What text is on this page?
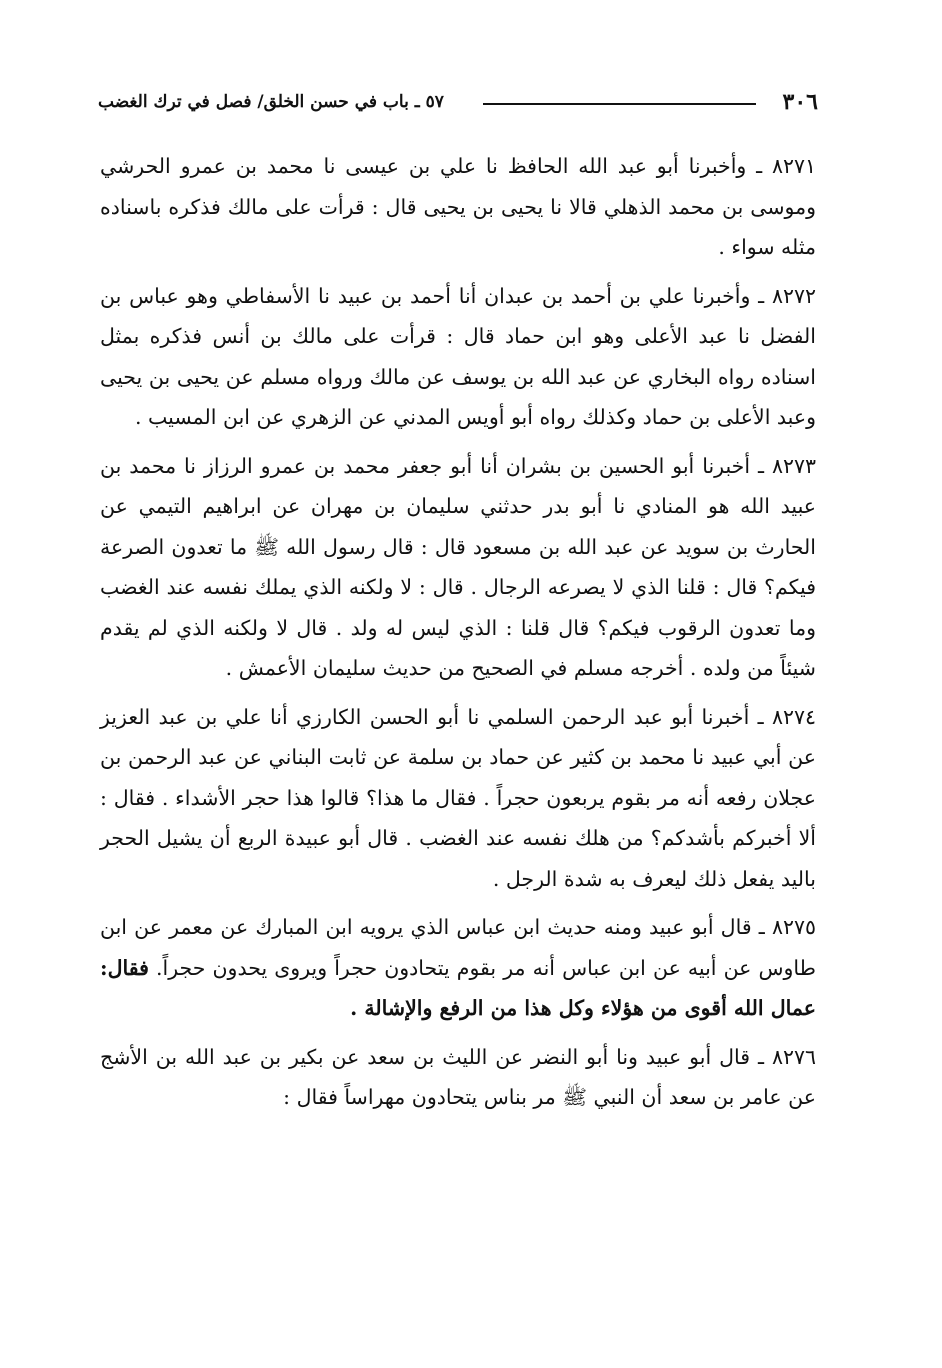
٣٠٦
٥٧ ـ باب في حسن الخلق/ فصل في ترك الغضب

٨٢٧١ ـ وأخبرنا أبو عبد الله الحافظ نا علي بن عيسى نا محمد بن عمرو الحرشي وموسى بن محمد الذهلي قالا نا يحيى بن يحيى قال : قرأت على مالك فذكره باسناده مثله سواء .

٨٢٧٢ ـ وأخبرنا علي بن أحمد بن عبدان أنا أحمد بن عبيد نا الأسفاطي وهو عباس بن الفضل نا عبد الأعلى وهو ابن حماد قال : قرأت على مالك بن أنس فذكره بمثل اسناده رواه البخاري عن عبد الله بن يوسف عن مالك ورواه مسلم عن يحيى بن يحيى وعبد الأعلى بن حماد وكذلك رواه أبو أويس المدني عن الزهري عن ابن المسيب .

٨٢٧٣ ـ أخبرنا أبو الحسين بن بشران أنا أبو جعفر محمد بن عمرو الرزاز نا محمد بن عبيد الله هو المنادي نا أبو بدر حدثني سليمان بن مهران عن ابراهيم التيمي عن الحارث بن سويد عن عبد الله بن مسعود قال : قال رسول الله ﷺ ما تعدون الصرعة فيكم؟ قال : قلنا الذي لا يصرعه الرجال . قال : لا ولكنه الذي يملك نفسه عند الغضب وما تعدون الرقوب فيكم؟ قال قلنا : الذي ليس له ولد . قال لا ولكنه الذي لم يقدم شيئاً من ولده . أخرجه مسلم في الصحيح من حديث سليمان الأعمش .

٨٢٧٤ ـ أخبرنا أبو عبد الرحمن السلمي نا أبو الحسن الكارزي أنا علي بن عبد العزيز عن أبي عبيد نا محمد بن كثير عن حماد بن سلمة عن ثابت البناني عن عبد الرحمن بن عجلان رفعه أنه مر بقوم يربعون حجراً . فقال ما هذا؟ قالوا هذا حجر الأشداء . فقال : ألا أخبركم بأشدكم؟ من هلك نفسه عند الغضب . قال أبو عبيدة الربع أن يشيل الحجر باليد يفعل ذلك ليعرف به شدة الرجل .

٨٢٧٥ ـ قال أبو عبيد ومنه حديث ابن عباس الذي يرويه ابن المبارك عن معمر عن ابن طاوس عن أبيه عن ابن عباس أنه مر بقوم يتحادون حجراً ويروى يحدون حجراً. فقال: عمال الله أقوى من هؤلاء وكل هذا من الرفع والإشالة .

٨٢٧٦ ـ قال أبو عبيد ونا أبو النضر عن الليث بن سعد عن بكير بن عبد الله بن الأشج عن عامر بن سعد أن النبي ﷺ مر بناس يتحادون مهراساً فقال :
